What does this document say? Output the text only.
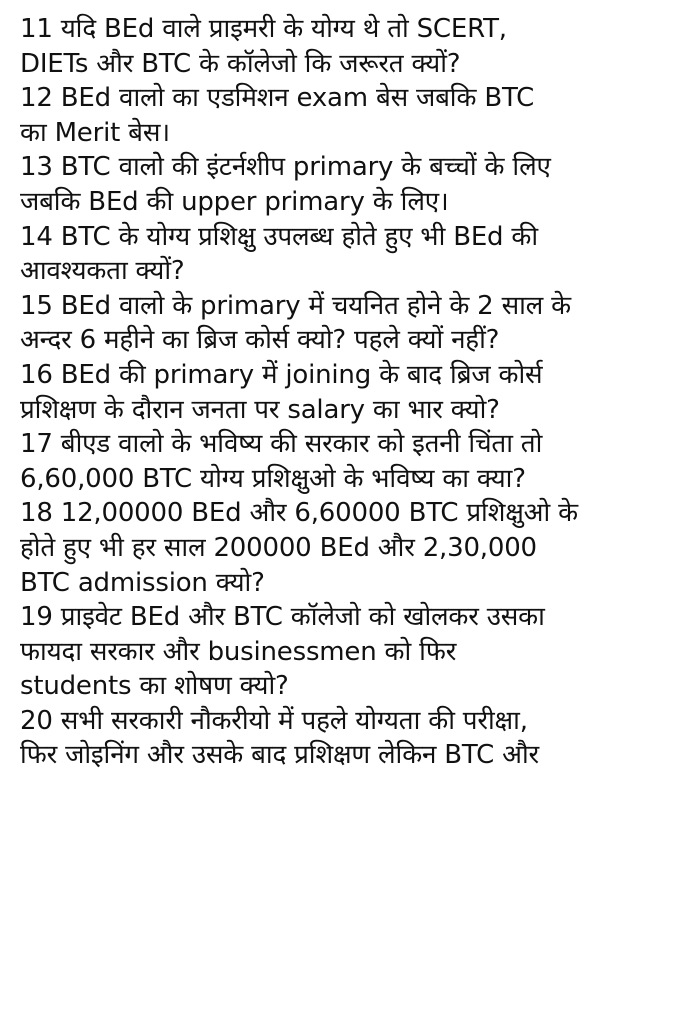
11 यदि BEd वाले प्राइमरी के योग्य थे तो SCERT,
DIETs और BTC के कॉलेजो कि जरूरत क्यों?
12 BEd वालो का एडमिशन exam बेस जबकि BTC
का Merit बेस।
13 BTC वालोे की इंटर्नशीप primary के बच्चों के लिए
जबकि BEd की upper primary के लिए।
14 BTC के योग्य प्रशिक्षु उपलब्ध होते हुए भी BEd की
आवश्यकता क्यों?
15 BEd वालो के primary में चयनित होने के 2 साल के
अन्दर 6 महीने का ब्रिज कोर्स क्यो? पहले क्यों नहीं?
16 BEd की primary में joining के बाद ब्रिज कोर्स
प्रशिक्षण के दौरान जनता पर salary का भार क्यो?
17 बीएड वालो के भविष्य की सरकार को इतनी चिंता तो
6,60,000 BTC योग्य प्रशिक्षुओ के भविष्य का क्या?
18 12,00000 BEd और 6,60000 BTC प्रशिक्षुओ के
होते हुए भी हर साल 200000 BEd और 2,30,000
BTC admission क्यो?
19 प्राइवेट BEd और BTC कॉलेजो को खोलकर उसका
फायदा सरकार और businessmen को फिर
students का शोषण क्यो?
20 सभी सरकारी नौकरीयो में पहले योग्यता की परीक्षा,
फिर जोइनिंग और उसके बाद प्रशिक्षण लेकिन BTC और
